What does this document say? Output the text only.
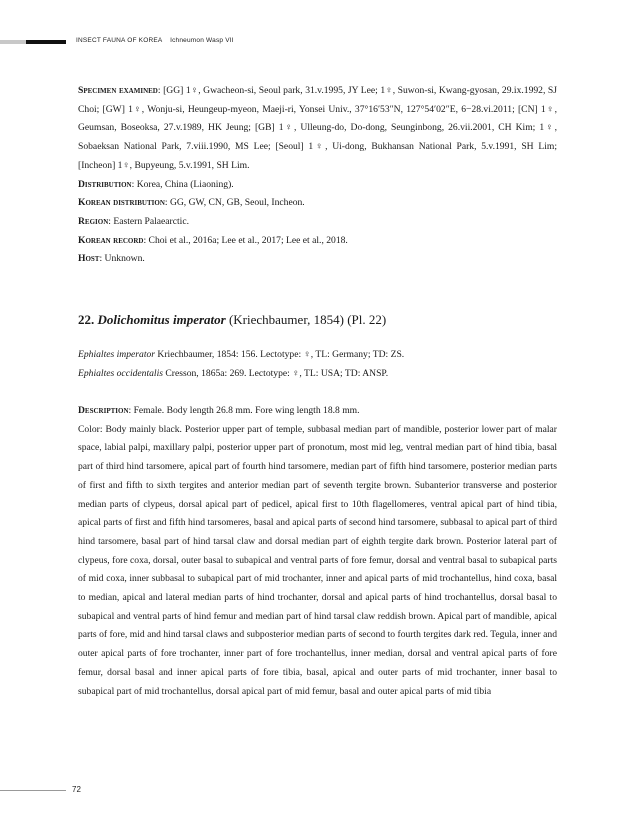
INSECT FAUNA OF KOREA Ichneumon Wasp VII

Specimen examined: [GG] 1♀, Gwacheon-si, Seoul park, 31.v.1995, JY Lee; 1♀, Suwon-si, Kwang-gyosan, 29.ix.1992, SJ Choi; [GW] 1♀, Wonju-si, Heungeup-myeon, Maeji-ri, Yonsei Univ., 37°16′53″N, 127°54′02″E, 6−28.vi.2011; [CN] 1♀, Geumsan, Boseoksa, 27.v.1989, HK Jeung; [GB] 1♀, Ulleung-do, Do-dong, Seunginbong, 26.vii.2001, CH Kim; 1♀, Sobaeksan National Park, 7.viii.1990, MS Lee; [Seoul] 1♀, Ui-dong, Bukhansan National Park, 5.v.1991, SH Lim; [Incheon] 1♀, Bupyeung, 5.v.1991, SH Lim.

Distribution: Korea, China (Liaoning).

Korean distribution: GG, GW, CN, GB, Seoul, Incheon.

Region: Eastern Palaearctic.

Korean record: Choi et al., 2016a; Lee et al., 2017; Lee et al., 2018.

Host: Unknown.

22. Dolichomitus imperator (Kriechbaumer, 1854) (Pl. 22)

Ephialtes imperator Kriechbaumer, 1854: 156. Lectotype: ♀, TL: Germany; TD: ZS.

Ephialtes occidentalis Cresson, 1865a: 269. Lectotype: ♀, TL: USA; TD: ANSP.

Description: Female. Body length 26.8 mm. Fore wing length 18.8 mm.

Color: Body mainly black. Posterior upper part of temple, subbasal median part of mandible, posterior lower part of malar space, labial palpi, maxillary palpi, posterior upper part of pronotum, most mid leg, ventral median part of hind tibia, basal part of third hind tarsomere, apical part of fourth hind tarsomere, median part of fifth hind tarsomere, posterior median parts of first and fifth to sixth tergites and anterior median part of seventh tergite brown. Subanterior transverse and posterior median parts of clypeus, dorsal apical part of pedicel, apical first to 10th flagellomeres, ventral apical part of hind tibia, apical parts of first and fifth hind tarsomeres, basal and apical parts of second hind tarsomere, subbasal to apical part of third hind tarsomere, basal part of hind tarsal claw and dorsal median part of eighth tergite dark brown. Posterior lateral part of clypeus, fore coxa, dorsal, outer basal to subapical and ventral parts of fore femur, dorsal and ventral basal to subapical parts of mid coxa, inner subbasal to subapical part of mid trochanter, inner and apical parts of mid trochantellus, hind coxa, basal to median, apical and lateral median parts of hind trochanter, dorsal and apical parts of hind trochantellus, dorsal basal to subapical and ventral parts of hind femur and median part of hind tarsal claw reddish brown. Apical part of mandible, apical parts of fore, mid and hind tarsal claws and subposterior median parts of second to fourth tergites dark red. Tegula, inner and outer apical parts of fore trochanter, inner part of fore trochantellus, inner median, dorsal and ventral apical parts of fore femur, dorsal basal and inner apical parts of fore tibia, basal, apical and outer parts of mid trochanter, inner basal to subapical part of mid trochantellus, dorsal apical part of mid femur, basal and outer apical parts of mid tibia

72
